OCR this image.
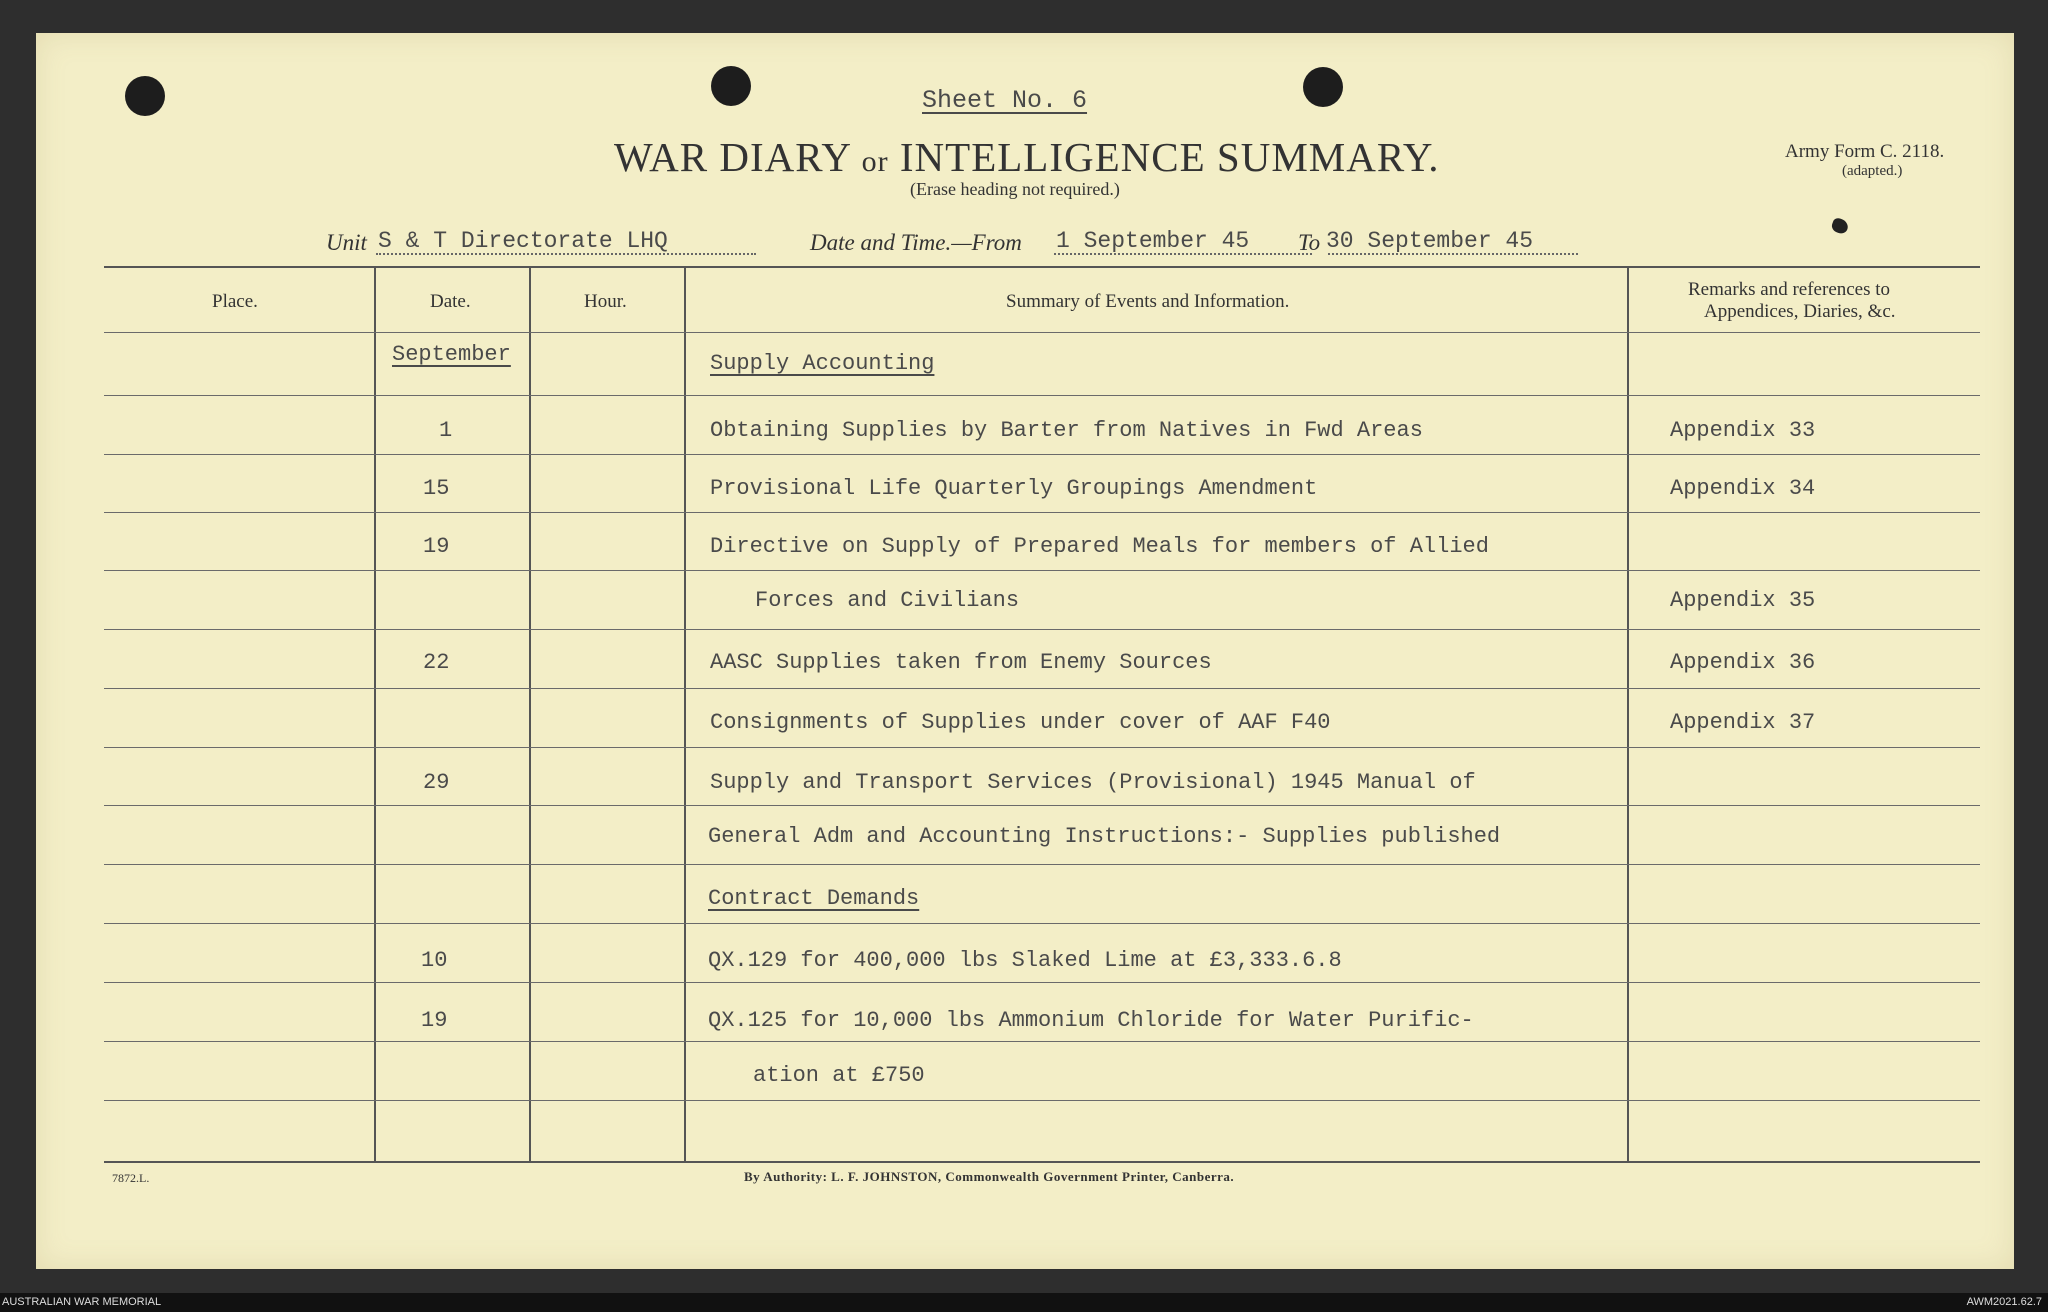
Sheet No. 6
WAR DIARY or INTELLIGENCE SUMMARY.
(Erase heading not required.)
Army Form C. 2118.
(adapted.)
Unit S & T Directorate LHQ	Date and Time.—From 1 September 45 To 30 September 45
Place.	Date.	Hour.	Summary of Events and Information.
Remarks and references to
Appendices, Diaries, &c.
September	Supply Accounting
1	Obtaining Supplies by Barter from Natives in Fwd Areas	Appendix 33
15	Provisional Life Quarterly Groupings Amendment	Appendix 34
19	Directive on Supply of Prepared Meals for members of Allied
Forces and Civilians	Appendix 35
22	AASC Supplies taken from Enemy Sources	Appendix 36
Consignments of Supplies under cover of AAF F40	Appendix 37
29	Supply and Transport Services (Provisional) 1945 Manual of
General Adm and Accounting Instructions:- Supplies published
Contract Demands
10	QX.129 for 400,000 lbs Slaked Lime at £3,333.6.8
19	QX.125 for 10,000 lbs Ammonium Chloride for Water Purific-
ation at £750
7872.L.	By Authority: L. F. JOHNSTON, Commonwealth Government Printer, Canberra.
AUSTRALIAN WAR MEMORIAL	AWM2021.62.7
